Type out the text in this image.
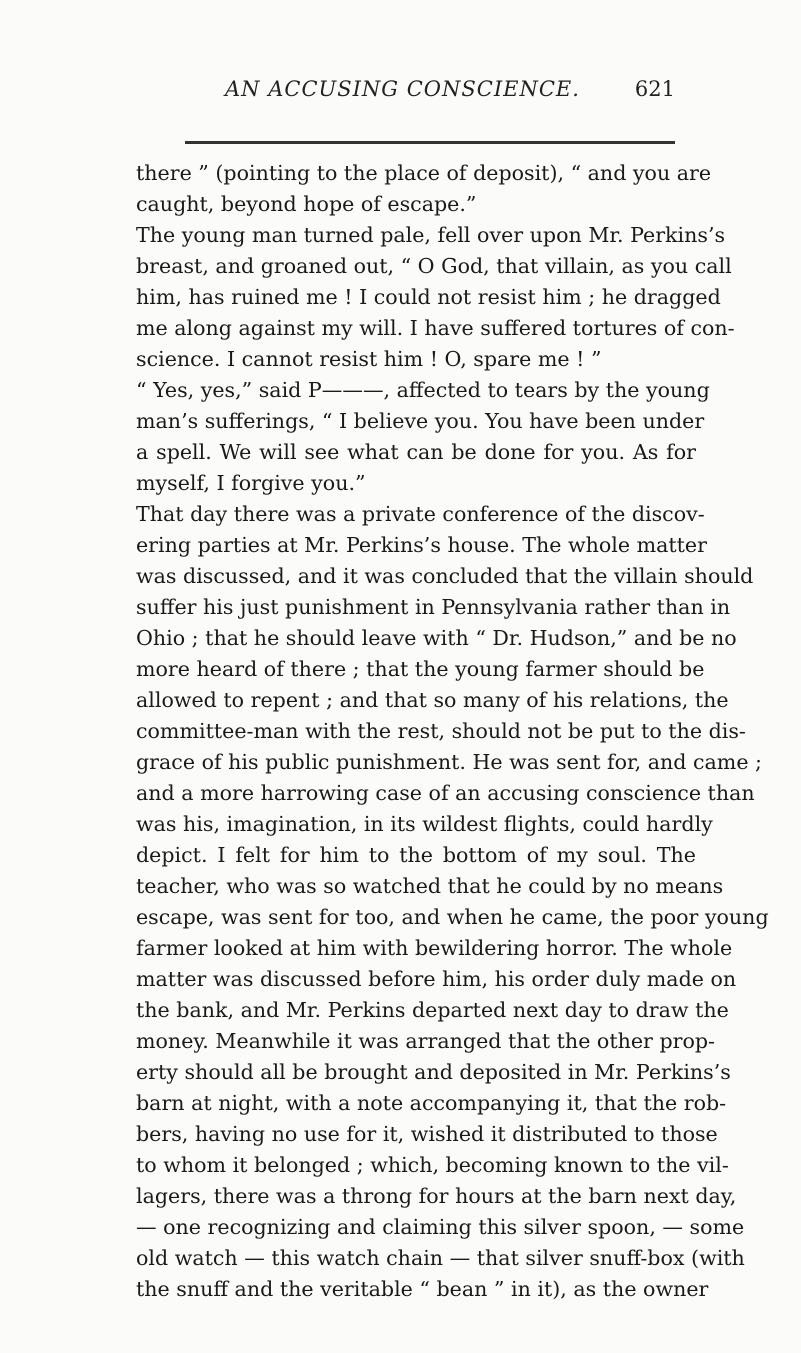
AN ACCUSING CONSCIENCE.	621
there ” (pointing to the place of deposit), “ and you are
caught, beyond hope of escape.”
The young man turned pale, fell over upon Mr. Perkins’s
breast, and groaned out, “ O God, that villain, as you call
him, has ruined me ! I could not resist him ; he dragged
me along against my will. I have suffered tortures of con-
science. I cannot resist him ! O, spare me ! ”
“ Yes, yes,” said P———, affected to tears by the young
man’s sufferings, “ I believe you. You have been under
a spell. We will see what can be done for you. As for
myself, I forgive you.”
That day there was a private conference of the discov-
ering parties at Mr. Perkins’s house. The whole matter
was discussed, and it was concluded that the villain should
suffer his just punishment in Pennsylvania rather than in
Ohio ; that he should leave with “ Dr. Hudson,” and be no
more heard of there ; that the young farmer should be
allowed to repent ; and that so many of his relations, the
committee-man with the rest, should not be put to the dis-
grace of his public punishment. He was sent for, and came ;
and a more harrowing case of an accusing conscience than
was his, imagination, in its wildest flights, could hardly
depict. I felt for him to the bottom of my soul. The
teacher, who was so watched that he could by no means
escape, was sent for too, and when he came, the poor young
farmer looked at him with bewildering horror. The whole
matter was discussed before him, his order duly made on
the bank, and Mr. Perkins departed next day to draw the
money. Meanwhile it was arranged that the other prop-
erty should all be brought and deposited in Mr. Perkins’s
barn at night, with a note accompanying it, that the rob-
bers, having no use for it, wished it distributed to those
to whom it belonged ; which, becoming known to the vil-
lagers, there was a throng for hours at the barn next day,
— one recognizing and claiming this silver spoon, — some
old watch — this watch chain — that silver snuff-box (with
the snuff and the veritable “ bean ” in it), as the owner
